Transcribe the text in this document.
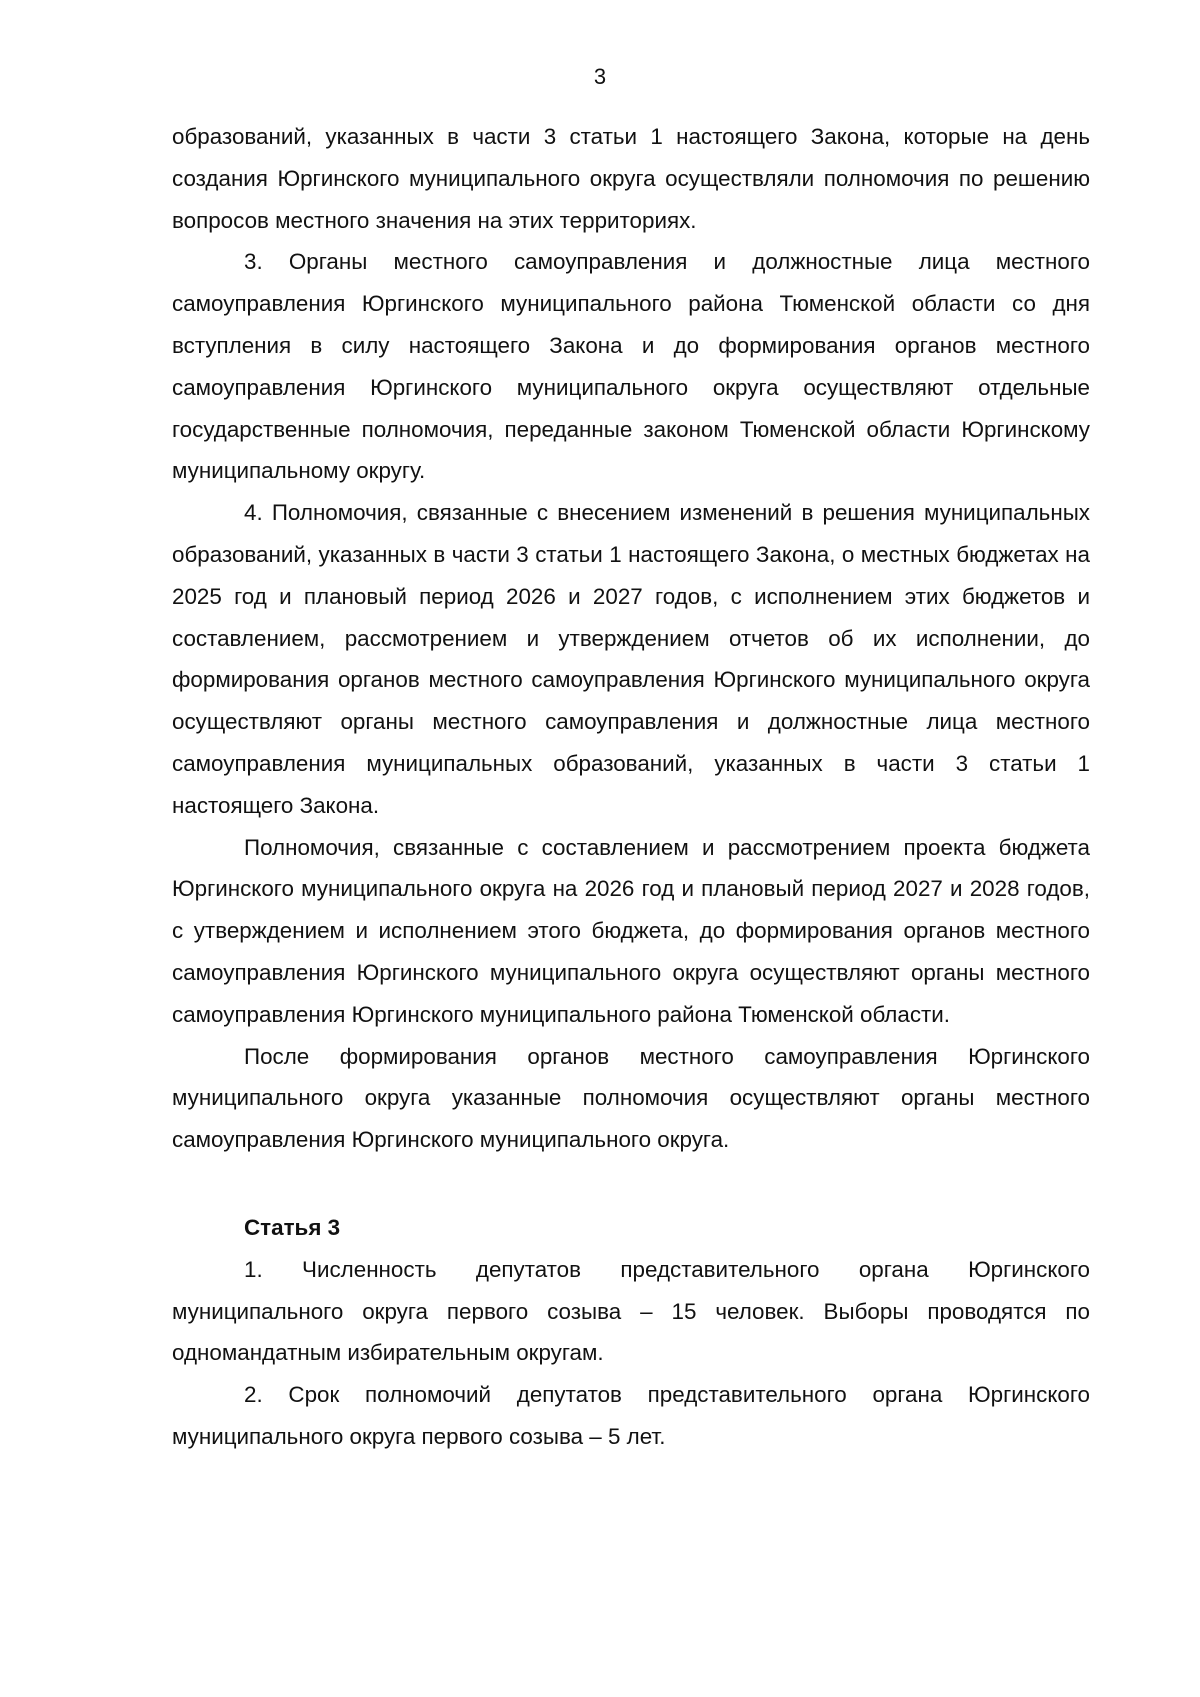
3

образований, указанных в части 3 статьи 1 настоящего Закона, которые на день создания Юргинского муниципального округа осуществляли полномочия по решению вопросов местного значения на этих территориях.

3. Органы местного самоуправления и должностные лица местного самоуправления Юргинского муниципального района Тюменской области со дня вступления в силу настоящего Закона и до формирования органов местного самоуправления Юргинского муниципального округа осуществляют отдельные государственные полномочия, переданные законом Тюменской области Юргинскому муниципальному округу.

4. Полномочия, связанные с внесением изменений в решения муниципальных образований, указанных в части 3 статьи 1 настоящего Закона, о местных бюджетах на 2025 год и плановый период 2026 и 2027 годов, с исполнением этих бюджетов и составлением, рассмотрением и утверждением отчетов об их исполнении, до формирования органов местного самоуправления Юргинского муниципального округа осуществляют органы местного самоуправления и должностные лица местного самоуправления муниципальных образований, указанных в части 3 статьи 1 настоящего Закона.

Полномочия, связанные с составлением и рассмотрением проекта бюджета Юргинского муниципального округа на 2026 год и плановый период 2027 и 2028 годов, с утверждением и исполнением этого бюджета, до формирования органов местного самоуправления Юргинского муниципального округа осуществляют органы местного самоуправления Юргинского муниципального района Тюменской области.

После формирования органов местного самоуправления Юргинского муниципального округа указанные полномочия осуществляют органы местного самоуправления Юргинского муниципального округа.

Статья 3

1. Численность депутатов представительного органа Юргинского муниципального округа первого созыва – 15 человек. Выборы проводятся по одномандатным избирательным округам.

2. Срок полномочий депутатов представительного органа Юргинского муниципального округа первого созыва – 5 лет.
